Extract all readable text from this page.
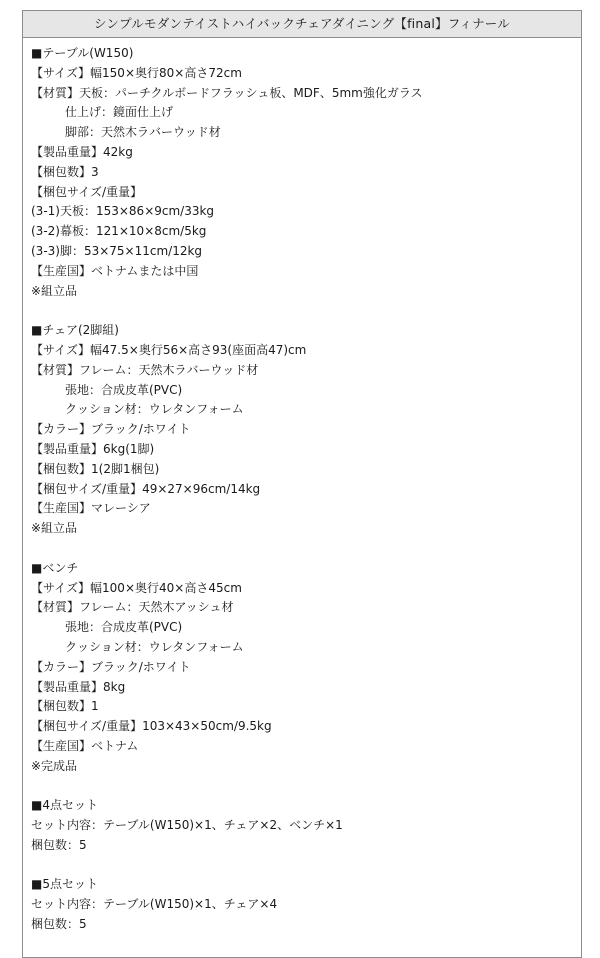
シンプルモダンテイストハイバックチェアダイニング【final】フィナール
■テーブル(W150)
【サイズ】幅150×奥行80×高さ72cm
【材質】天板：パーチクルボードフラッシュ板、MDF、5mm強化ガラス
仕上げ：鏡面仕上げ
脚部：天然木ラバーウッド材
【製品重量】42kg
【梱包数】3
【梱包サイズ/重量】
(3-1)天板：153×86×9cm/33kg
(3-2)幕板：121×10×8cm/5kg
(3-3)脚：53×75×11cm/12kg
【生産国】ベトナムまたは中国
※組立品
■チェア(2脚組)
【サイズ】幅47.5×奥行56×高さ93(座面高47)cm
【材質】フレーム：天然木ラバーウッド材
張地：合成皮革(PVC)
クッション材：ウレタンフォーム
【カラー】ブラック/ホワイト
【製品重量】6kg(1脚)
【梱包数】1(2脚1梱包)
【梱包サイズ/重量】49×27×96cm/14kg
【生産国】マレーシア
※組立品
■ベンチ
【サイズ】幅100×奥行40×高さ45cm
【材質】フレーム：天然木アッシュ材
張地：合成皮革(PVC)
クッション材：ウレタンフォーム
【カラー】ブラック/ホワイト
【製品重量】8kg
【梱包数】1
【梱包サイズ/重量】103×43×50cm/9.5kg
【生産国】ベトナム
※完成品
■4点セット
セット内容：テーブル(W150)×1、チェア×2、ベンチ×1
梱包数：5
■5点セット
セット内容：テーブル(W150)×1、チェア×4
梱包数：5
